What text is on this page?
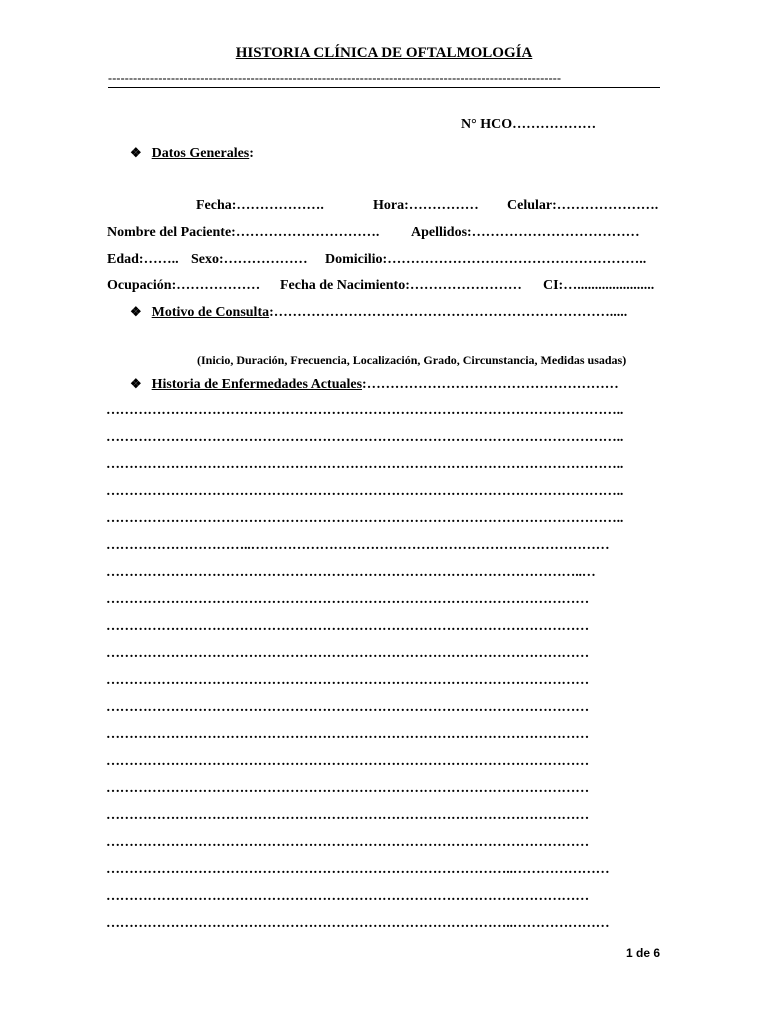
HISTORIA CLÍNICA DE OFTALMOLOGÍA
------------------------------------------------------------------------------------------------------------
N° HCO………………
❖ Datos Generales:
Fecha:……………….	Hora:…………… Celular:………………….
Nombre del Paciente:…………………………. Apellidos:………………………………
Edad:…….. Sexo:……………… Domicilio:………………………………………………..
Ocupación:……………… Fecha de Nacimiento:…………………… CI:…......................
❖ Motivo de Consulta:……………………………………………………………….....
(Inicio, Duración, Frecuencia, Localización, Grado, Circunstancia, Medidas usadas)
❖ Historia de Enfermedades Actuales:………………………………………………
…………………………………………………………………………………………………..
…………………………………………………………………………………………………..
…………………………………………………………………………………………………..
…………………………………………………………………………………………………..
…………………………………………………………………………………………………..
…………………………..……………………………………………………………………
…………………………………………………………………………………………..…
……………………………………………………………………………………………
……………………………………………………………………………………………
……………………………………………………………………………………………
……………………………………………………………………………………………
……………………………………………………………………………………………
……………………………………………………………………………………………
……………………………………………………………………………………………
……………………………………………………………………………………………
……………………………………………………………………………………………
……………………………………………………………………………………………
……………………………………………………………………………..…………………
……………………………………………………………………………………………
……………………………………………………………………………..…………………
1 de 6
